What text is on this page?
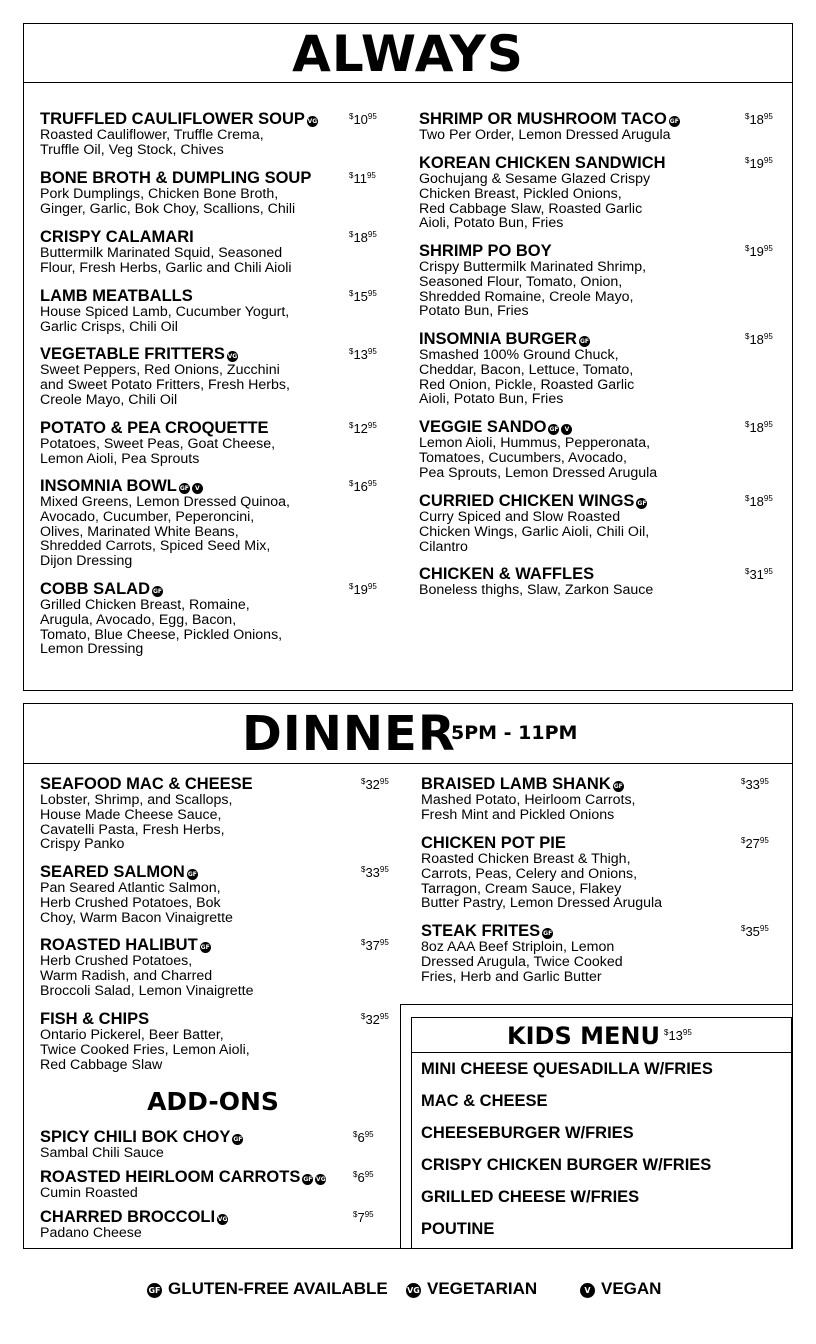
ALWAYS
DINNER
5PM - 11PM
KIDS MENU $^{\$}13^{95}$
ADD-ONS
TRUFFLED CAULIFLOWER SOUP VG
Roasted Cauliflower, Truffle Crema,
Truffle Oil, Veg Stock, Chives
$^{\$}10^{95}$
BONE BROTH & DUMPLING SOUP
Pork Dumplings, Chicken Bone Broth,
Ginger, Garlic, Bok Choy, Scallions, Chili
$^{\$}11^{95}$
CRISPY CALAMARI
Buttermilk Marinated Squid, Seasoned
Flour, Fresh Herbs, Garlic and Chili Aioli
$^{\$}18^{95}$
LAMB MEATBALLS
House Spiced Lamb, Cucumber Yogurt,
Garlic Crisps, Chili Oil
$^{\$}15^{95}$
VEGETABLE FRITTERS VG
Sweet Peppers, Red Onions, Zucchini
and Sweet Potato Fritters, Fresh Herbs,
Creole Mayo, Chili Oil
$^{\$}13^{95}$
POTATO & PEA CROQUETTE
Potatoes, Sweet Peas, Goat Cheese,
Lemon Aioli, Pea Sprouts
$^{\$}12^{95}$
INSOMNIA BOWL GF V
Mixed Greens, Lemon Dressed Quinoa,
Avocado, Cucumber, Peperoncini,
Olives, Marinated White Beans,
Shredded Carrots, Spiced Seed Mix,
Dijon Dressing
$^{\$}16^{95}$
COBB SALAD GF
Grilled Chicken Breast, Romaine,
Arugula, Avocado, Egg, Bacon,
Tomato, Blue Cheese, Pickled Onions,
Lemon Dressing
$^{\$}19^{95}$
SHRIMP OR MUSHROOM TACO GF
Two Per Order, Lemon Dressed Arugula
$^{\$}18^{95}$
KOREAN CHICKEN SANDWICH
Gochujang & Sesame Glazed Crispy
Chicken Breast, Pickled Onions,
Red Cabbage Slaw, Roasted Garlic
Aioli, Potato Bun, Fries
$^{\$}19^{95}$
SHRIMP PO BOY
Crispy Buttermilk Marinated Shrimp,
Seasoned Flour, Tomato, Onion,
Shredded Romaine, Creole Mayo,
Potato Bun, Fries
$^{\$}19^{95}$
INSOMNIA BURGER GF
Smashed 100% Ground Chuck,
Cheddar, Bacon, Lettuce, Tomato,
Red Onion, Pickle, Roasted Garlic
Aioli, Potato Bun, Fries
$^{\$}18^{95}$
VEGGIE SANDO GF V
Lemon Aioli, Hummus, Pepperonata,
Tomatoes, Cucumbers, Avocado,
Pea Sprouts, Lemon Dressed Arugula
$^{\$}18^{95}$
CURRIED CHICKEN WINGS GF
Curry Spiced and Slow Roasted
Chicken Wings, Garlic Aioli, Chili Oil,
Cilantro
$^{\$}18^{95}$
CHICKEN & WAFFLES
Boneless thighs, Slaw, Zarkon Sauce
$^{\$}31^{95}$
SEAFOOD MAC & CHEESE
Lobster, Shrimp, and Scallops,
House Made Cheese Sauce,
Cavatelli Pasta, Fresh Herbs,
Crispy Panko
$^{\$}32^{95}$
SEARED SALMON GF
Pan Seared Atlantic Salmon,
Herb Crushed Potatoes, Bok
Choy, Warm Bacon Vinaigrette
$^{\$}33^{95}$
ROASTED HALIBUT GF
Herb Crushed Potatoes,
Warm Radish, and Charred
Broccoli Salad, Lemon Vinaigrette
$^{\$}37^{95}$
FISH & CHIPS
Ontario Pickerel, Beer Batter,
Twice Cooked Fries, Lemon Aioli,
Red Cabbage Slaw
$^{\$}32^{95}$
BRAISED LAMB SHANK GF
Mashed Potato, Heirloom Carrots,
Fresh Mint and Pickled Onions
$^{\$}33^{95}$
CHICKEN POT PIE
Roasted Chicken Breast & Thigh,
Carrots, Peas, Celery and Onions,
Tarragon, Cream Sauce, Flakey
Butter Pastry, Lemon Dressed Arugula
$^{\$}27^{95}$
STEAK FRITES GF
8oz AAA Beef Striploin, Lemon
Dressed Arugula, Twice Cooked
Fries, Herb and Garlic Butter
$^{\$}35^{95}$
SPICY CHILI BOK CHOY GF
Sambal Chili Sauce
$^{\$}6^{95}$
ROASTED HEIRLOOM CARROTS GF VG
Cumin Roasted
$^{\$}6^{95}$
CHARRED BROCCOLI VG
Padano Cheese
$^{\$}7^{95}$
MINI CHEESE QUESADILLA W/FRIES
MAC & CHEESE
CHEESEBURGER W/FRIES
CRISPY CHICKEN BURGER W/FRIES
GRILLED CHEESE W/FRIES
POUTINE
GF GLUTEN-FREE AVAILABLE VG VEGETARIAN	V VEGAN
